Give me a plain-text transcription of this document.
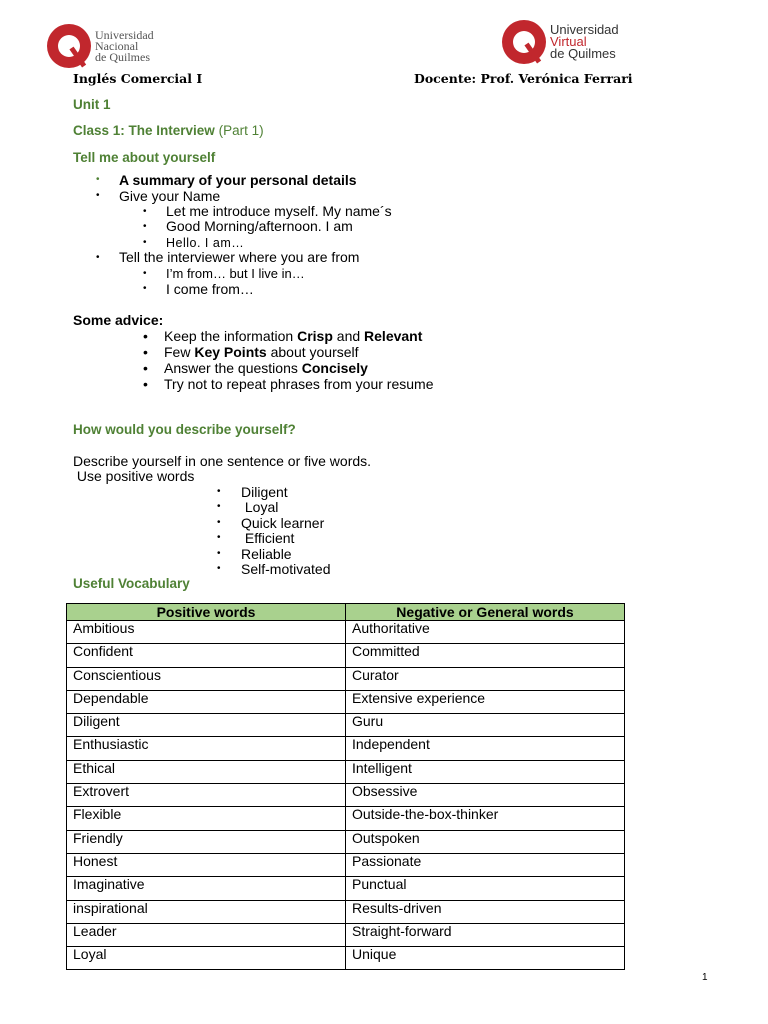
Universidad
Nacional
de Quilmes
Universidad
Virtual
de Quilmes
Inglés Comercial I	Docente: Prof. Verónica Ferrari
Unit 1
Class 1: The Interview (Part 1)
Tell me about yourself
• A summary of your personal details
• Give your Name
• Let me introduce myself. My name´s
• Good Morning/afternoon. I am
• Hello. I am…
• Tell the interviewer where you are from
• I’m from… but I live in…
• I come from…
Some advice:
• Keep the information Crisp and Relevant
• Few Key Points about yourself
• Answer the questions Concisely
• Try not to repeat phrases from your resume
How would you describe yourself?
Describe yourself in one sentence or five words.
Use positive words
• Diligent
• Loyal
• Quick learner
• Efficient
• Reliable
• Self-motivated
Useful Vocabulary
Positive words	Negative or General words
Ambitious	Authoritative
Confident	Committed
Conscientious	Curator
Dependable	Extensive experience
Diligent	Guru
Enthusiastic	Independent
Ethical	Intelligent
Extrovert	Obsessive
Flexible	Outside-the-box-thinker
Friendly	Outspoken
Honest	Passionate
Imaginative	Punctual
inspirational	Results-driven
Leader	Straight-forward
Loyal	Unique
1
